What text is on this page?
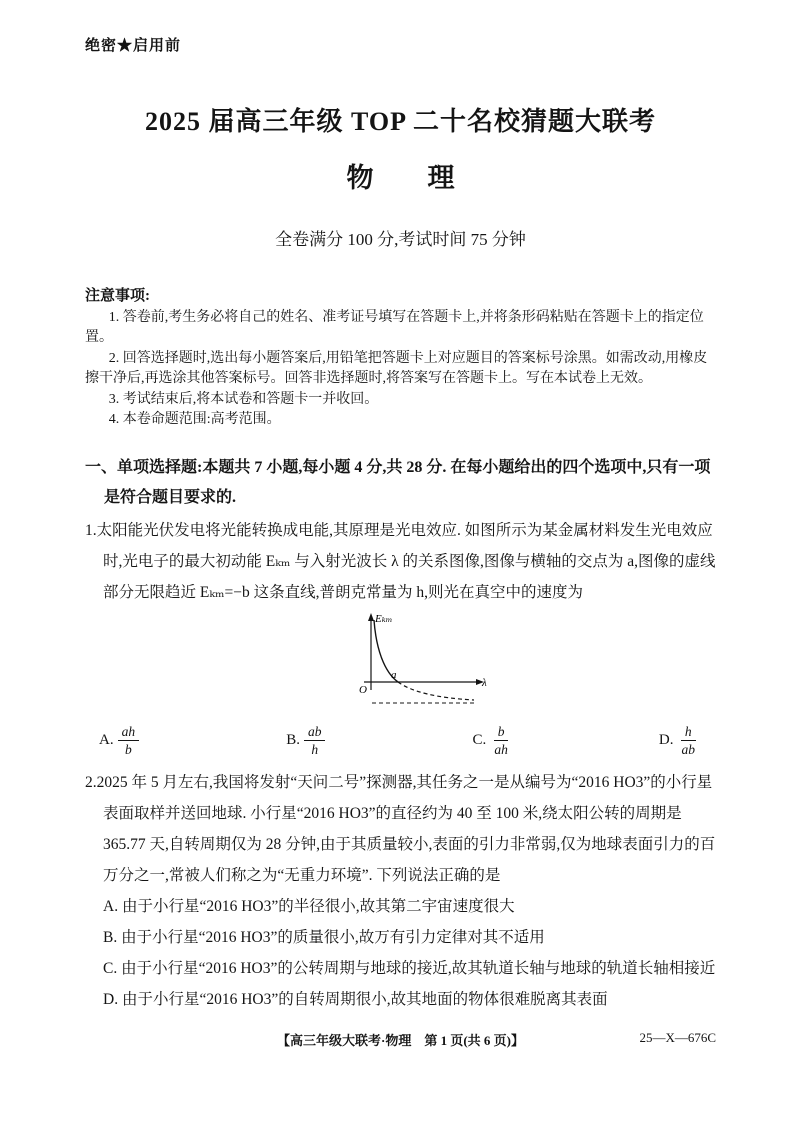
绝密★启用前
2025 届高三年级 TOP 二十名校猜题大联考
物　　理
全卷满分 100 分,考试时间 75 分钟

注意事项:

1. 答卷前,考生务必将自己的姓名、准考证号填写在答题卡上,并将条形码粘贴在答题卡上的指定位置。

2. 回答选择题时,选出每小题答案后,用铅笔把答题卡上对应题目的答案标号涂黑。如需改动,用橡皮擦干净后,再选涂其他答案标号。回答非选择题时,将答案写在答题卡上。写在本试卷上无效。

3. 考试结束后,将本试卷和答题卡一并收回。

4. 本卷命题范围:高考范围。

一、单项选择题:本题共 7 小题,每小题 4 分,共 28 分. 在每小题给出的四个选项中,只有一项是符合题目要求的.

1.太阳能光伏发电将光能转换成电能,其原理是光电效应. 如图所示为某金属材料发生光电效应时,光电子的最大初动能 Eₖₘ 与入射光波长 λ 的关系图像,图像与横轴的交点为 a,图像的虚线部分无限趋近 Eₖₘ=−b 这条直线,普朗克常量为 h,则光在真空中的速度为

Eₖₘ
λ
O
a
A. $\frac{ah}{b}$	B. $\frac{ab}{h}$	C. $\frac{b}{ah}$	D. $\frac{h}{ab}$

2.2025 年 5 月左右,我国将发射“天问二号”探测器,其任务之一是从编号为“2016 HO3”的小行星表面取样并送回地球. 小行星“2016 HO3”的直径约为 40 至 100 米,绕太阳公转的周期是 365.77 天,自转周期仅为 28 分钟,由于其质量较小,表面的引力非常弱,仅为地球表面引力的百万分之一,常被人们称之为“无重力环境”. 下列说法正确的是

A. 由于小行星“2016 HO3”的半径很小,故其第二宇宙速度很大

B. 由于小行星“2016 HO3”的质量很小,故万有引力定律对其不适用

C. 由于小行星“2016 HO3”的公转周期与地球的接近,故其轨道长轴与地球的轨道长轴相接近

D. 由于小行星“2016 HO3”的自转周期很小,故其地面的物体很难脱离其表面

【高三年级大联考·物理　第 1 页(共 6 页)】	25—X—676C
